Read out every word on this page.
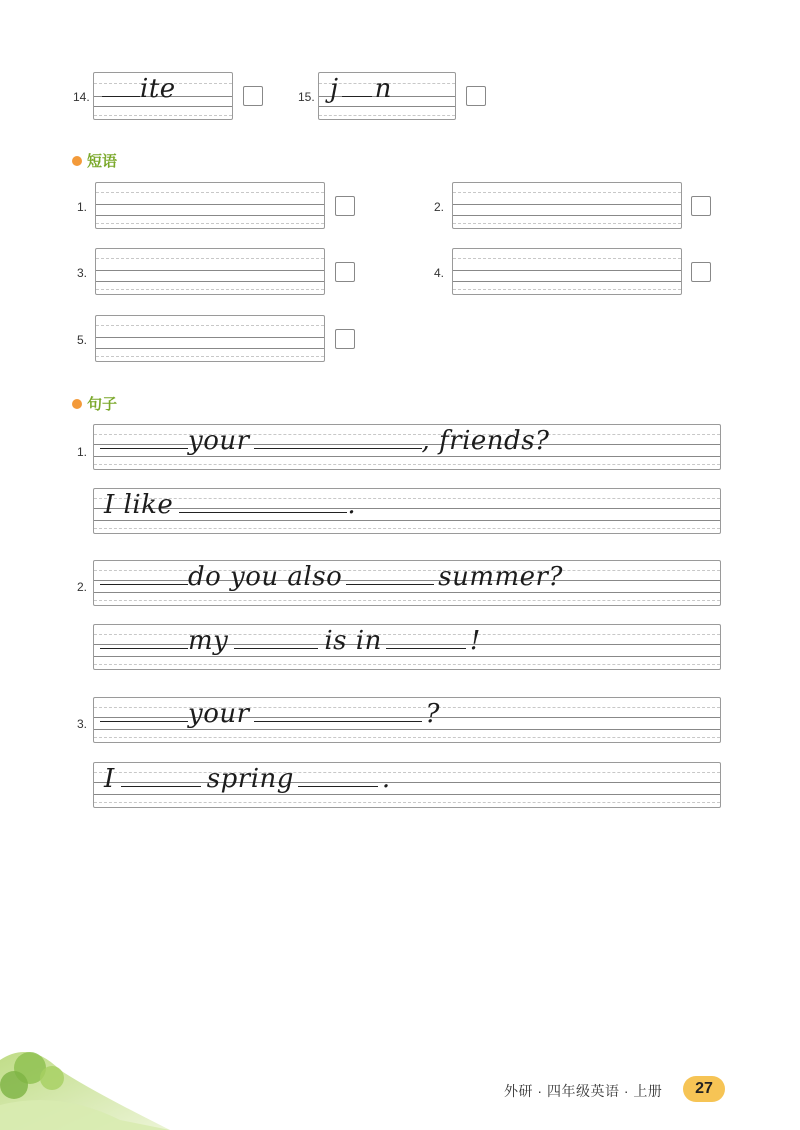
14.	ite	15. j n
短语
1.	2.
3.	4.
5.
句子
1.	your	, friends?
I like	.
2.	do you also	summer?
my	is in	!
3.	your	?
I	spring	.
外研 · 四年级英语 · 上册	27
